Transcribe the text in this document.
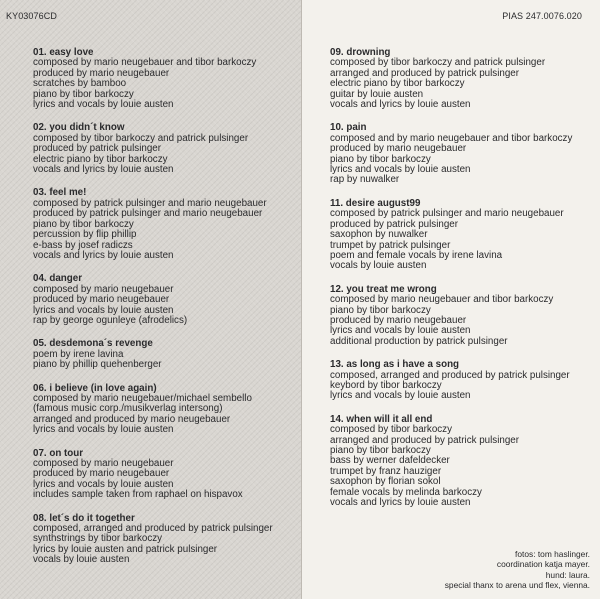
KY03076CD	PIAS 247.0076.020
01. easy love
composed by mario neugebauer and tibor barkoczy
produced by mario neugebauer
scratches by bamboo
piano by tibor barkoczy
lyrics and vocals by louie austen
02. you didn´t know
composed by tibor barkoczy and patrick pulsinger
produced by patrick pulsinger
electric piano by tibor barkoczy
vocals and lyrics by louie austen
03. feel me!
composed by patrick pulsinger and mario neugebauer
produced by patrick pulsinger and mario neugebauer
piano by tibor barkoczy
percussion by flip phillip
e-bass by josef radiczs
vocals and lyrics by louie austen
04. danger
composed by mario neugebauer
produced by mario neugebauer
lyrics and vocals by louie austen
rap by george ogunleye (afrodelics)
05. desdemona´s revenge
poem by irene lavina
piano by phillip quehenberger
06. i believe (in love again)
composed by mario neugebauer/michael sembello
(famous music corp./musikverlag intersong)
arranged and produced by mario neugebauer
lyrics and vocals by louie austen
07. on tour
composed by mario neugebauer
produced by mario neugebauer
lyrics and vocals by louie austen
includes sample taken from raphael on hispavox
08. let´s do it together
composed, arranged and produced by patrick pulsinger
synthstrings by tibor barkoczy
lyrics by louie austen and patrick pulsinger
vocals by louie austen
09. drowning
composed by tibor barkoczy and patrick pulsinger
arranged and produced by patrick pulsinger
electric piano by tibor barkoczy
guitar by louie austen
vocals and lyrics by louie austen
10. pain
composed and by mario neugebauer and tibor barkoczy
produced by mario neugebauer
piano by tibor barkoczy
lyrics and vocals by louie austen
rap by nuwalker
11. desire august99
composed by patrick pulsinger and mario neugebauer
produced by patrick pulsinger
saxophon by nuwalker
trumpet by patrick pulsinger
poem and female vocals by irene lavina
vocals by louie austen
12. you treat me wrong
composed by mario neugebauer and tibor barkoczy
piano by tibor barkoczy
produced by mario neugebauer
lyrics and vocals by louie austen
additional production by patrick pulsinger
13. as long as i have a song
composed, arranged and produced by patrick pulsinger
keybord by tibor barkoczy
lyrics and vocals by louie austen
14. when will it all end
composed by tibor barkoczy
arranged and produced by patrick pulsinger
piano by tibor barkoczy
bass by werner dafeldecker
trumpet by franz hauziger
saxophon by florian sokol
female vocals by melinda barkoczy
vocals and lyrics by louie austen
fotos: tom haslinger.
coordination katja mayer.
hund: laura.
special thanx to arena und flex, vienna.
